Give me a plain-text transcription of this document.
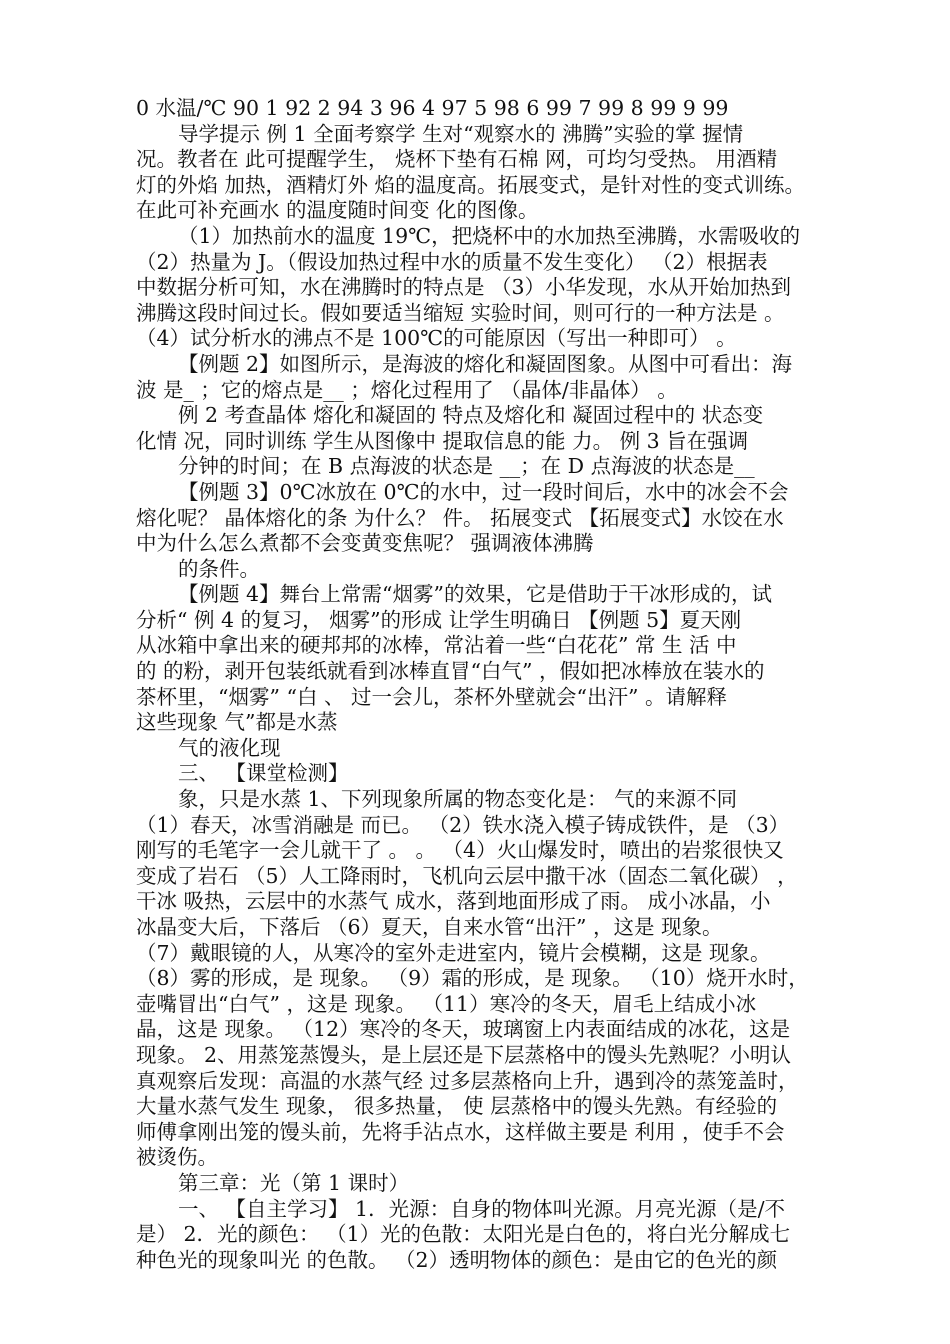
0 水温/℃ 90 1 92 2 94 3 96 4 97 5 98 6 99 7 99 8 99 9 99
导学提示 例 1 全面考察学 生对“观察水的 沸腾”实验的掌 握情
况。教者在 此可提醒学生， 烧杯下垫有石棉 网，可均匀受热。 用酒精
灯的外焰 加热，酒精灯外 焰的温度高。拓展变式，是针对性的变式训练。
在此可补充画水 的温度随时间变 化的图像。
（1）加热前水的温度 19℃，把烧杯中的水加热至沸腾，水需吸收的
（2）热量为 J。（假设加热过程中水的质量不发生变化） （2）根据表
中数据分析可知，水在沸腾时的特点是 （3）小华发现，水从开始加热到
沸腾这段时间过长。假如要适当缩短 实验时间，则可行的一种方法是 。
（4）试分析水的沸点不是 100℃的可能原因（写出一种即可） 。
【例题 2】如图所示，是海波的熔化和凝固图象。从图中可看出：海
波 是_ ；它的熔点是__ ；熔化过程用了 （晶体/非晶体） 。
例 2 考查晶体 熔化和凝固的 特点及熔化和 凝固过程中的 状态变
化情 况，同时训练 学生从图像中 提取信息的能 力。 例 3 旨在强调
分钟的时间；在 B 点海波的状态是 __；在 D 点海波的状态是__
【例题 3】0℃冰放在 0℃的水中，过一段时间后，水中的冰会不会
熔化呢？ 晶体熔化的条 为什么？ 件。 拓展变式 【拓展变式】水饺在水
中为什么怎么煮都不会变黄变焦呢？ 强调液体沸腾
的条件。
【例题 4】舞台上常需“烟雾”的效果，它是借助于干冰形成的，试
分析“ 例 4 的复习， 烟雾”的形成 让学生明确日 【例题 5】夏天刚
从冰箱中拿出来的硬邦邦的冰棒，常沾着一些“白花花” 常 生 活 中
的 的粉，剥开包装纸就看到冰棒直冒“白气” ，假如把冰棒放在装水的
茶杯里，“烟雾” “白 、 过一会儿，茶杯外壁就会“出汗” 。请解释
这些现象 气”都是水蒸
气的液化现
三、 【课堂检测】
象，只是水蒸 1、下列现象所属的物态变化是： 气的来源不同
（1）春天，冰雪消融是 而已。 （2）铁水浇入模子铸成铁件，是 （3）
刚写的毛笔字一会儿就干了 。 。 （4）火山爆发时，喷出的岩浆很快又
变成了岩石 （5）人工降雨时，飞机向云层中撒干冰（固态二氧化碳） ，
干冰 吸热，云层中的水蒸气 成水，落到地面形成了雨。 成小冰晶，小
冰晶变大后，下落后 （6）夏天，自来水管“出汗” ，这是 现象。
（7）戴眼镜的人，从寒冷的室外走进室内，镜片会模糊，这是 现象。
（8）雾的形成，是 现象。 （9）霜的形成，是 现象。 （10）烧开水时，
壶嘴冒出“白气” ，这是 现象。 （11）寒冷的冬天，眉毛上结成小冰
晶，这是 现象。 （12）寒冷的冬天，玻璃窗上内表面结成的冰花，这是
现象。 2、用蒸笼蒸馒头，是上层还是下层蒸格中的馒头先熟呢？小明认
真观察后发现：高温的水蒸气经 过多层蒸格向上升，遇到冷的蒸笼盖时，
大量水蒸气发生 现象， 很多热量， 使 层蒸格中的馒头先熟。有经验的
师傅拿刚出笼的馒头前，先将手沾点水，这样做主要是 利用 ，使手不会
被烫伤。
第三章：光（第 1 课时）
一、 【自主学习】 1．光源：自身的物体叫光源。月亮光源（是/不
是） 2．光的颜色： （1）光的色散：太阳光是白色的，将白光分解成七
种色光的现象叫光 的色散。 （2）透明物体的颜色：是由它的色光的颜
